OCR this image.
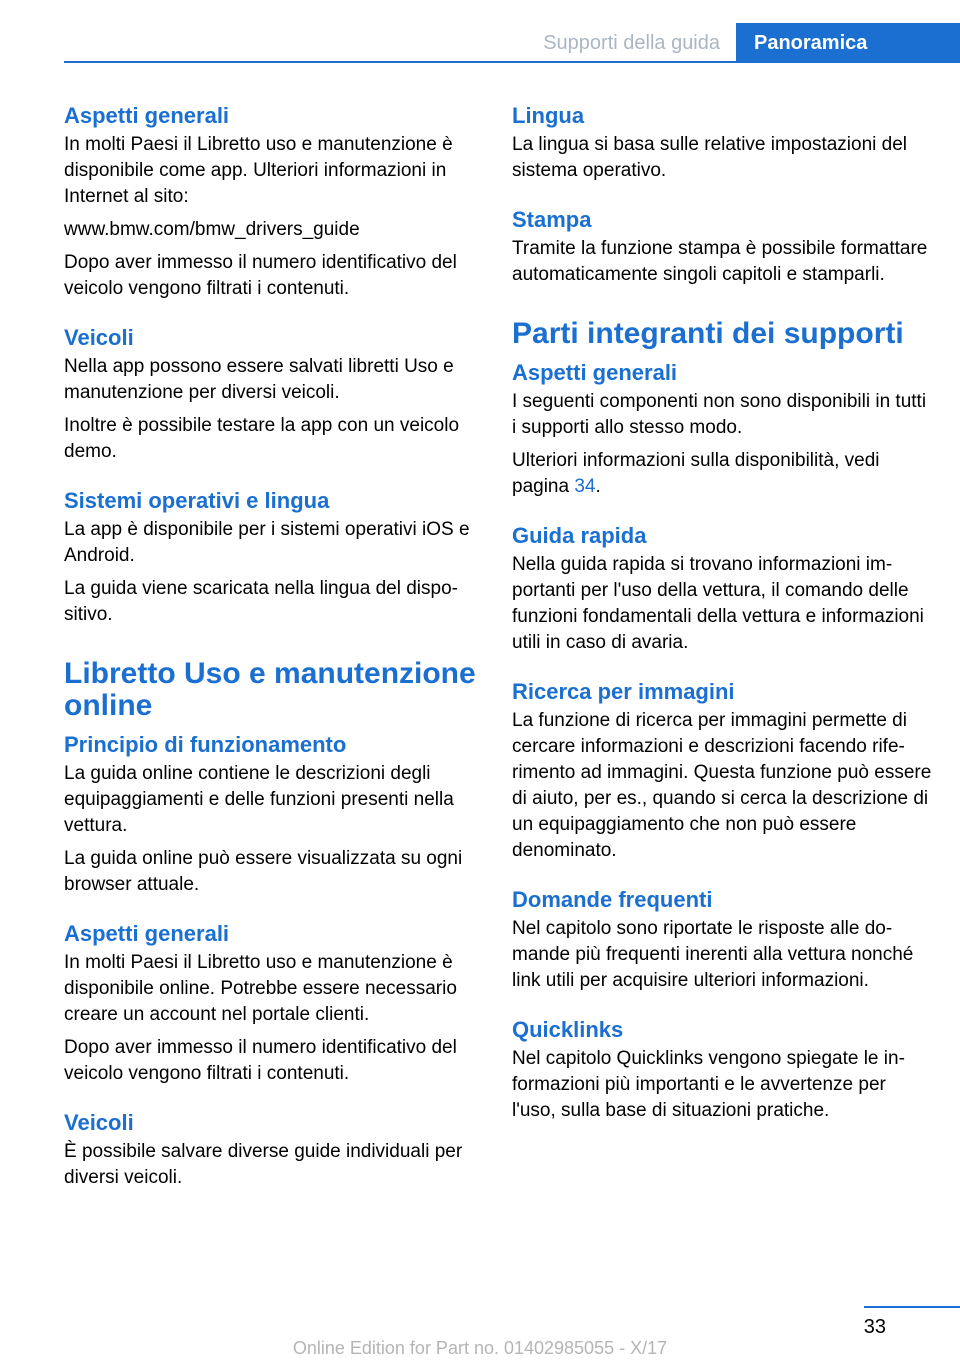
Supporti della guida	Panoramica
Aspetti generali

In molti Paesi il Libretto uso e manutenzione è disponibile come app. Ulteriori informazioni in Internet al sito:

www.bmw.com/bmw_drivers_guide

Dopo aver immesso il numero identificativo del veicolo vengono filtrati i contenuti.

Veicoli

Nella app possono essere salvati libretti Uso e manutenzione per diversi veicoli.

Inoltre è possibile testare la app con un veicolo demo.

Sistemi operativi e lingua

La app è disponibile per i sistemi operativi iOS e Android.

La guida viene scaricata nella lingua del dispositivo.

Libretto Uso e manutenzione online
Principio di funzionamento

La guida online contiene le descrizioni degli equipaggiamenti e delle funzioni presenti nella vettura.

La guida online può essere visualizzata su ogni browser attuale.

Aspetti generali

In molti Paesi il Libretto uso e manutenzione è disponibile online. Potrebbe essere necessario creare un account nel portale clienti.

Dopo aver immesso il numero identificativo del veicolo vengono filtrati i contenuti.

Veicoli

È possibile salvare diverse guide individuali per diversi veicoli.

Lingua

La lingua si basa sulle relative impostazioni del sistema operativo.

Stampa

Tramite la funzione stampa è possibile formattare automaticamente singoli capitoli e stamparli.

Parti integranti dei supporti
Aspetti generali

I seguenti componenti non sono disponibili in tutti i supporti allo stesso modo.

Ulteriori informazioni sulla disponibilità, vedi pagina 34.

Guida rapida

Nella guida rapida si trovano informazioni importanti per l'uso della vettura, il comando delle funzioni fondamentali della vettura e informazioni utili in caso di avaria.

Ricerca per immagini

La funzione di ricerca per immagini permette di cercare informazioni e descrizioni facendo riferimento ad immagini. Questa funzione può essere di aiuto, per es., quando si cerca la descrizione di un equipaggiamento che non può essere denominato.

Domande frequenti

Nel capitolo sono riportate le risposte alle domande più frequenti inerenti alla vettura nonché link utili per acquisire ulteriori informazioni.

Quicklinks

Nel capitolo Quicklinks vengono spiegate le informazioni più importanti e le avvertenze per l'uso, sulla base di situazioni pratiche.

33
Online Edition for Part no. 01402985055 - X/17
